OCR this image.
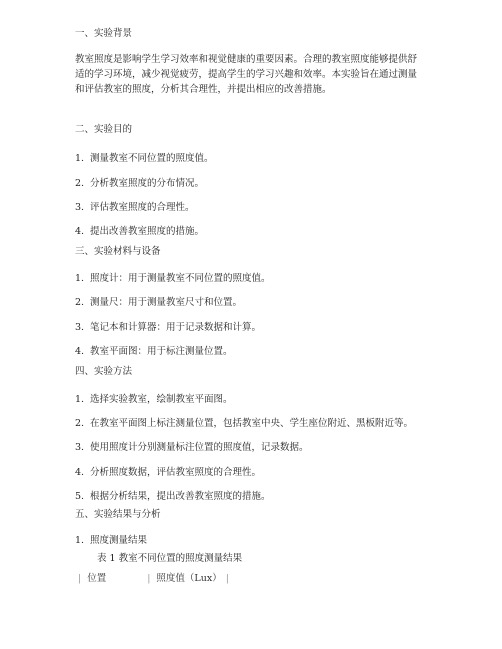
一、实验背景
教室照度是影响学生学习效率和视觉健康的重要因素。合理的教室照度能够提供舒
适的学习环境，减少视觉疲劳，提高学生的学习兴趣和效率。本实验旨在通过测量
和评估教室的照度，分析其合理性，并提出相应的改善措施。
二、实验目的
1. 测量教室不同位置的照度值。
2. 分析教室照度的分布情况。
3. 评估教室照度的合理性。
4. 提出改善教室照度的措施。
三、实验材料与设备
1. 照度计：用于测量教室不同位置的照度值。
2. 测量尺：用于测量教室尺寸和位置。
3. 笔记本和计算器：用于记录数据和计算。
4. 教室平面图：用于标注测量位置。
四、实验方法
1. 选择实验教室，绘制教室平面图。
2. 在教室平面图上标注测量位置，包括教室中央、学生座位附近、黑板附近等。
3. 使用照度计分别测量标注位置的照度值，记录数据。
4. 分析照度数据，评估教室照度的合理性。
5. 根据分析结果，提出改善教室照度的措施。
五、实验结果与分析
1. 照度测量结果
表 1 教室不同位置的照度测量结果
| 位置	| 照度值（Lux） |
